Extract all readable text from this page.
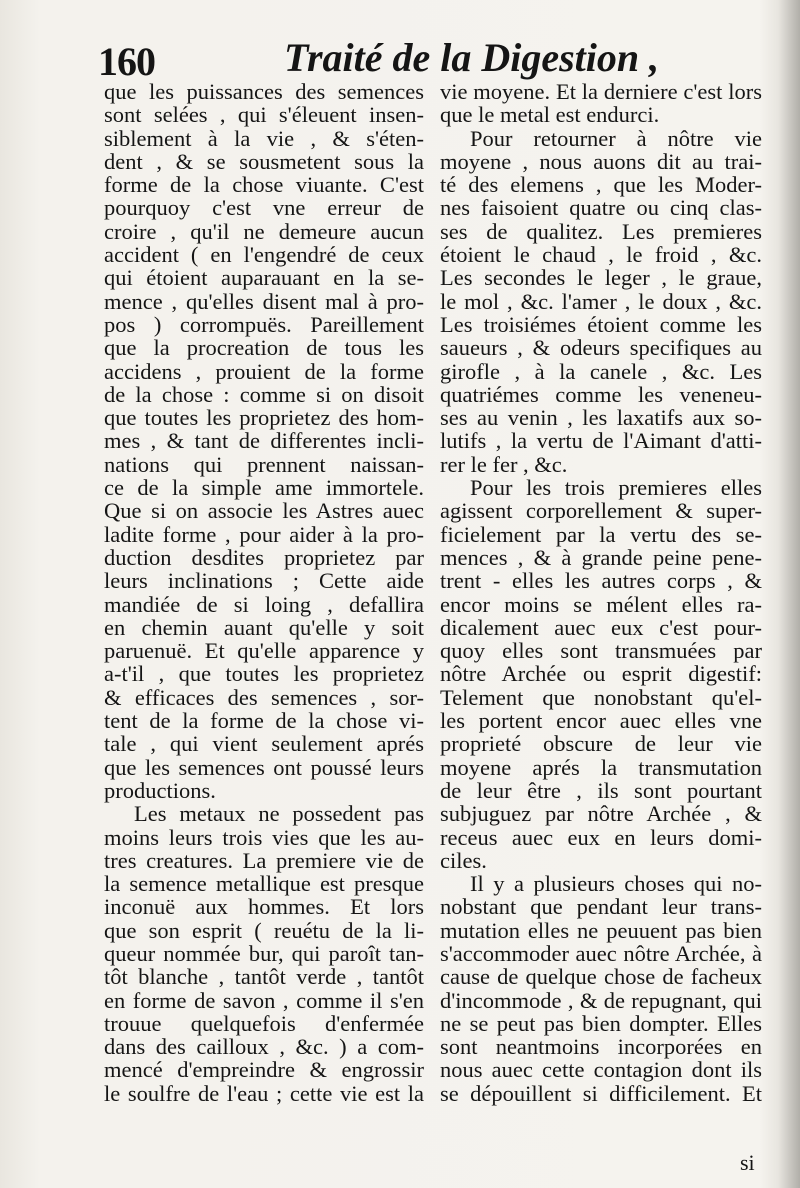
160	Traité de la Digestion ,
que les puissances des semences
sont selées , qui s'éleuent insen-
siblement à la vie , & s'éten-
dent , & se sousmetent sous la
forme de la chose viuante. C'est
pourquoy c'est vne erreur de
croire , qu'il ne demeure aucun
accident ( en l'engendré de ceux
qui étoient auparauant en la se-
mence , qu'elles disent mal à pro-
pos ) corrompuës. Pareillement
que la procreation de tous les
accidens , prouient de la forme
de la chose : comme si on disoit
que toutes les proprietez des hom-
mes , & tant de differentes incli-
nations qui prennent naissan-
ce de la simple ame immortele.
Que si on associe les Astres auec
ladite forme , pour aider à la pro-
duction desdites proprietez par
leurs inclinations ; Cette aide
mandiée de si loing , defallira
en chemin auant qu'elle y soit
paruenuë. Et qu'elle apparence y
a-t'il , que toutes les proprietez
& efficaces des semences , sor-
tent de la forme de la chose vi-
tale , qui vient seulement aprés
que les semences ont poussé leurs
productions.
Les metaux ne possedent pas
moins leurs trois vies que les au-
tres creatures. La premiere vie de
la semence metallique est presque
inconuë aux hommes. Et lors
que son esprit ( reuétu de la li-
queur nommée bur, qui paroît tan-
tôt blanche , tantôt verde , tantôt
en forme de savon , comme il s'en
trouue quelquefois d'enfermée
dans des cailloux , &c. ) a com-
mencé d'empreindre & engrossir
le soulfre de l'eau ; cette vie est la
vie moyene. Et la derniere c'est lors
que le metal est endurci.
Pour retourner à nôtre vie
moyene , nous auons dit au trai-
té des elemens , que les Moder-
nes faisoient quatre ou cinq clas-
ses de qualitez. Les premieres
étoient le chaud , le froid , &c.
Les secondes le leger , le graue,
le mol , &c. l'amer , le doux , &c.
Les troisiémes étoient comme les
saueurs , & odeurs specifiques au
girofle , à la canele , &c. Les
quatriémes comme les veneneu-
ses au venin , les laxatifs aux so-
lutifs , la vertu de l'Aimant d'atti-
rer le fer , &c.
Pour les trois premieres elles
agissent corporellement & super-
ficielement par la vertu des se-
mences , & à grande peine pene-
trent - elles les autres corps , &
encor moins se mélent elles ra-
dicalement auec eux c'est pour-
quoy elles sont transmuées par
nôtre Archée ou esprit digestif:
Telement que nonobstant qu'el-
les portent encor auec elles vne
proprieté obscure de leur vie
moyene aprés la transmutation
de leur être , ils sont pourtant
subjuguez par nôtre Archée , &
receus auec eux en leurs domi-
ciles.
Il y a plusieurs choses qui no-
nobstant que pendant leur trans-
mutation elles ne peuuent pas bien
s'accommoder auec nôtre Archée, à
cause de quelque chose de facheux
d'incommode , & de repugnant, qui
ne se peut pas bien dompter. Elles
sont neantmoins incorporées en
nous auec cette contagion dont ils
se dépouillent si difficilement. Et
si
